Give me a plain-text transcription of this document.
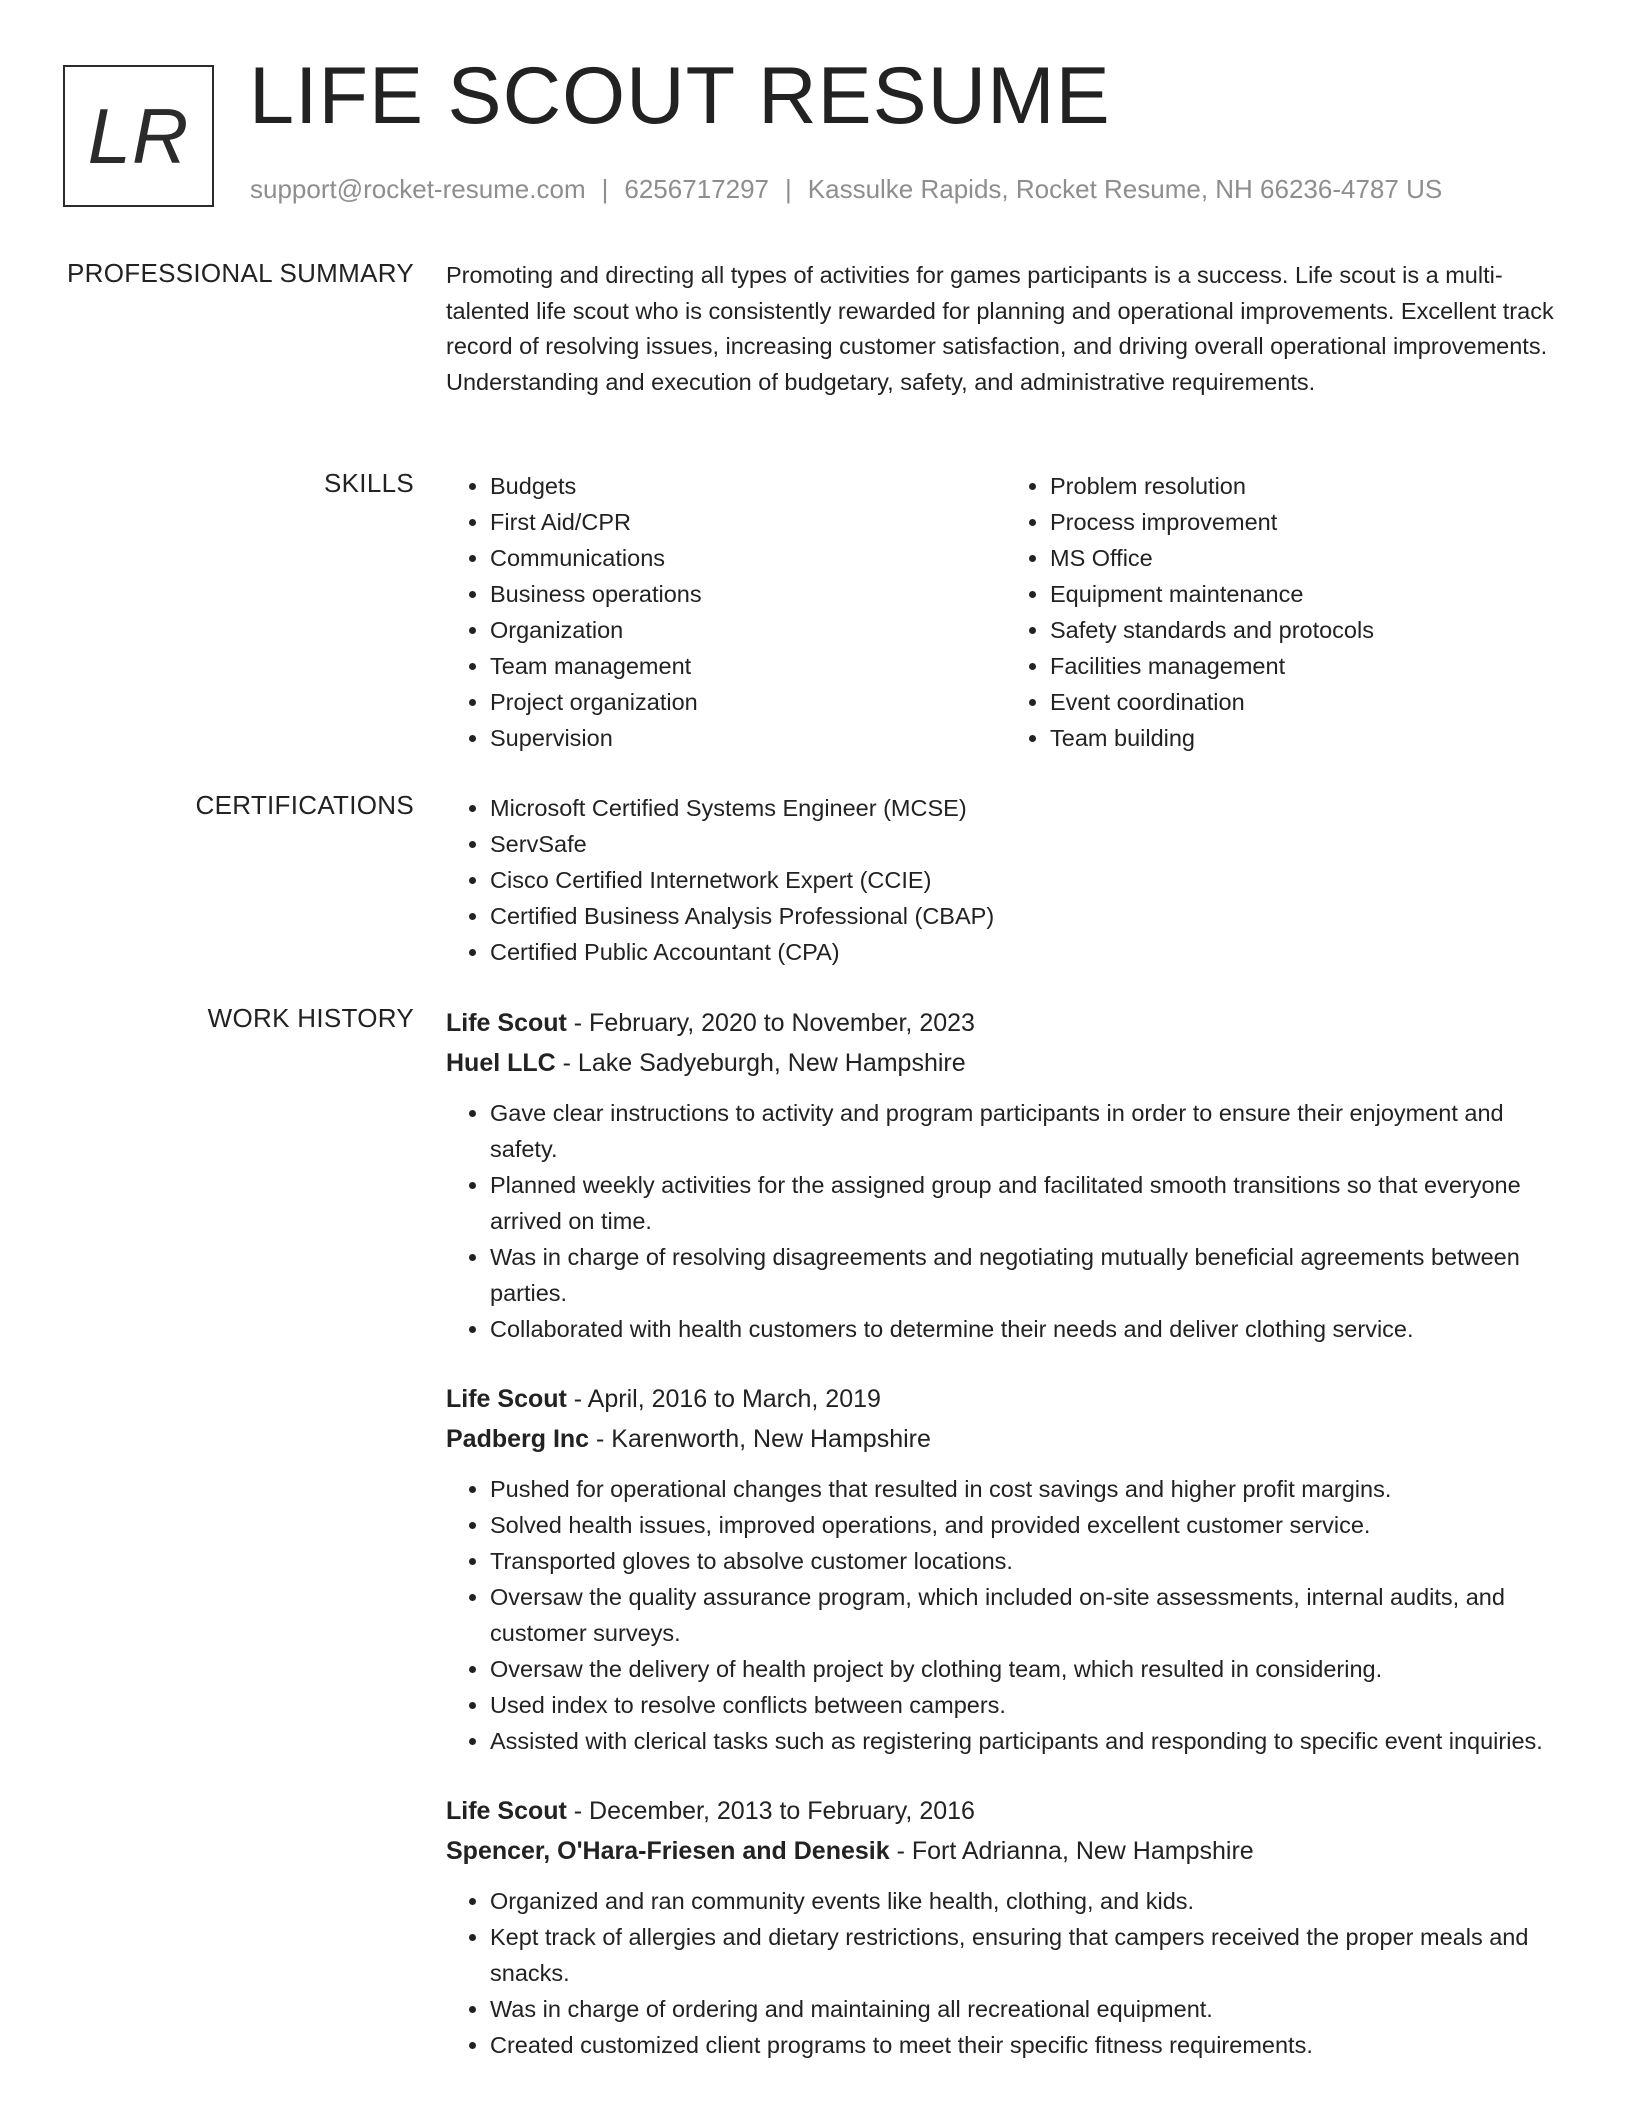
LR LIFE SCOUT RESUME
support@rocket-resume.com | 6256717297 | Kassulke Rapids, Rocket Resume, NH 66236-4787 US
PROFESSIONAL SUMMARY Promoting and directing all types of activities for games participants is a success. Life scout is a multi-talented life scout who is consistently rewarded for planning and operational improvements. Excellent track record of resolving issues, increasing customer satisfaction, and driving overall operational improvements. Understanding and execution of budgetary, safety, and administrative requirements.

SKILLS	• Budgets
• First Aid/CPR
• Communications
• Business operations
• Organization
• Team management
• Project organization
• Supervision
• Problem resolution
• Process improvement
• MS Office
• Equipment maintenance
• Safety standards and protocols
• Facilities management
• Event coordination
• Team building
CERTIFICATIONS	• Microsoft Certified Systems Engineer (MCSE)
• ServSafe
• Cisco Certified Internetwork Expert (CCIE)
• Certified Business Analysis Professional (CBAP)
• Certified Public Accountant (CPA)
WORK HISTORY Life Scout - February, 2020 to November, 2023
Huel LLC - Lake Sadyeburgh, New Hampshire
• Gave clear instructions to activity and program participants in order to ensure their enjoyment and safety.
• Planned weekly activities for the assigned group and facilitated smooth transitions so that everyone arrived on time.
• Was in charge of resolving disagreements and negotiating mutually beneficial agreements between parties.
• Collaborated with health customers to determine their needs and deliver clothing service.
Life Scout - April, 2016 to March, 2019
Padberg Inc - Karenworth, New Hampshire
• Pushed for operational changes that resulted in cost savings and higher profit margins.
• Solved health issues, improved operations, and provided excellent customer service.
• Transported gloves to absolve customer locations.
• Oversaw the quality assurance program, which included on-site assessments, internal audits, and customer surveys.
• Oversaw the delivery of health project by clothing team, which resulted in considering.
• Used index to resolve conflicts between campers.
• Assisted with clerical tasks such as registering participants and responding to specific event inquiries.
Life Scout - December, 2013 to February, 2016
Spencer, O'Hara-Friesen and Denesik - Fort Adrianna, New Hampshire
• Organized and ran community events like health, clothing, and kids.
• Kept track of allergies and dietary restrictions, ensuring that campers received the proper meals and snacks.
• Was in charge of ordering and maintaining all recreational equipment.
• Created customized client programs to meet their specific fitness requirements.
